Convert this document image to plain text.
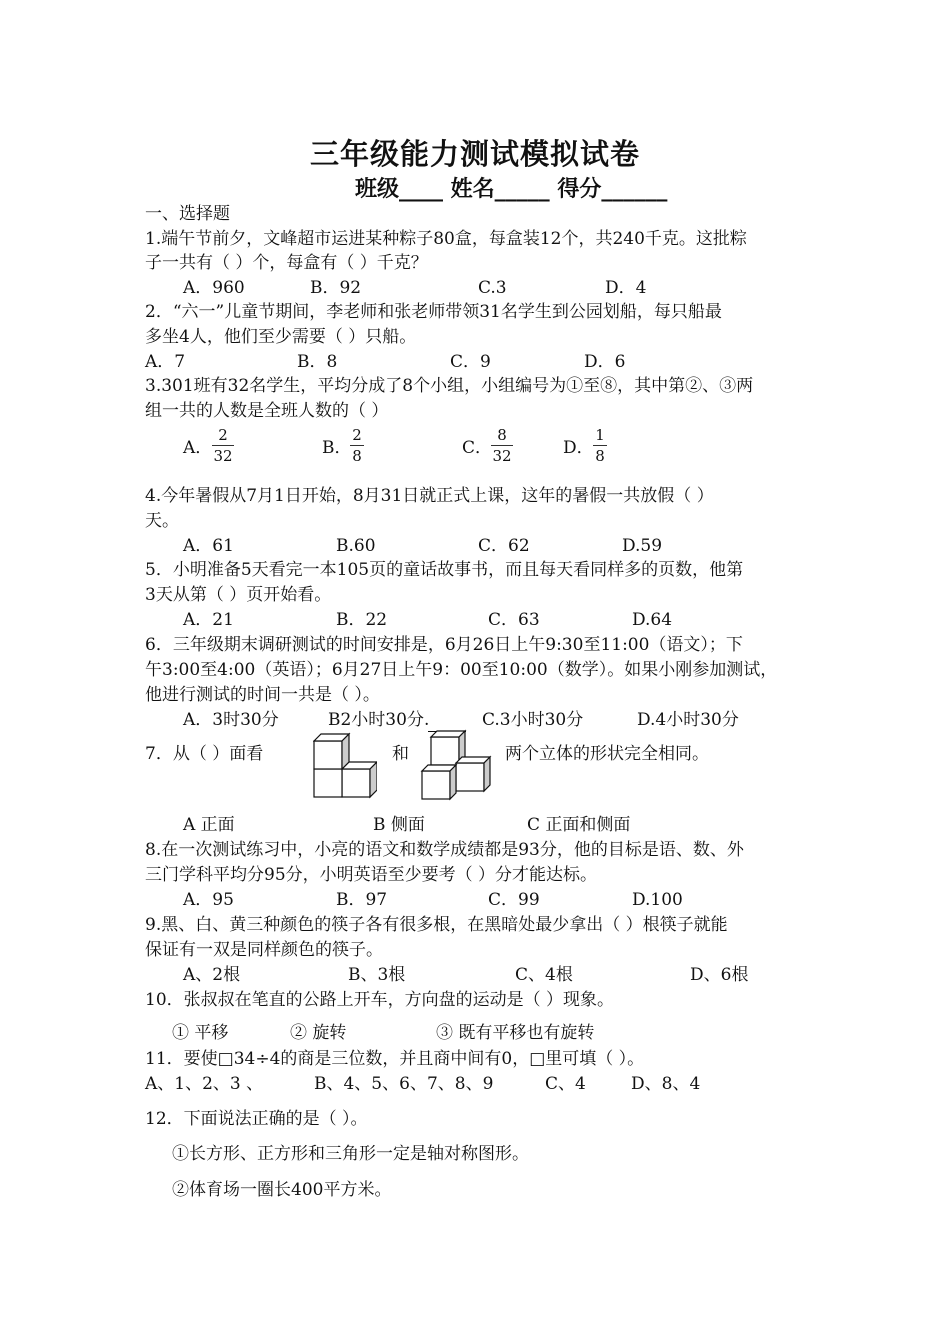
三年级能力测试模拟试卷
班级____ 姓名_____ 得分______
一、选择题
1.端午节前夕，文峰超市运进某种粽子80盒，每盒装12个，共240千克。这批粽
子一共有（ ）个，每盒有（ ）千克？
A．960	B．92	C.3	D．4
2．“六一”儿童节期间，李老师和张老师带领31名学生到公园划船，每只船最
多坐4人，他们至少需要（ ）只船。
A．7	B．8	C．9	D．6
3.301班有32名学生，平均分成了8个小组，小组编号为①至⑧，其中第②、③两
组一共的人数是全班人数的（ ）
A．
2
32	B．
2
8	C．
8
32	D．
1
8
4.今年暑假从7月1日开始，8月31日就正式上课，这年的暑假一共放假（ ）
天。
A．61	B.60	C．62	D.59
5．小明准备5天看完一本105页的童话故事书，而且每天看同样多的页数，他第
3天从第（ ）页开始看。
A．21	B．22	C．63	D.64
6．三年级期末调研测试的时间安排是，6月26日上午9:30至11:00（语文）；下
午3:00至4:00（英语）；6月27日上午9：00至10:00（数学）。如果小刚参加测试，
他进行测试的时间一共是（ ）。
A．3时30分	B2小时30分.	C.3小时30分	D.4小时30分
7．从（ ）面看	和	两个立体的形状完全相同。
A 正面	B 侧面	C 正面和侧面
8.在一次测试练习中，小亮的语文和数学成绩都是93分，他的目标是语、数、外
三门学科平均分95分，小明英语至少要考（ ）分才能达标。
A．95	B．97	C．99	D.100
9.黑、白、黄三种颜色的筷子各有很多根，在黑暗处最少拿出（ ）根筷子就能
保证有一双是同样颜色的筷子。
A、2根	B、3根	C、4根	D、6根
10．张叔叔在笔直的公路上开车，方向盘的运动是（ ）现象。
① 平移	② 旋转	③ 既有平移也有旋转
11．要使□34÷4的商是三位数，并且商中间有0，□里可填（ ）。
A、1、2、3 、	B、4、5、6、7、8、9	C、4	D、8、4
12．下面说法正确的是（ ）。
①长方形、正方形和三角形一定是轴对称图形。
②体育场一圈长400平方米。
